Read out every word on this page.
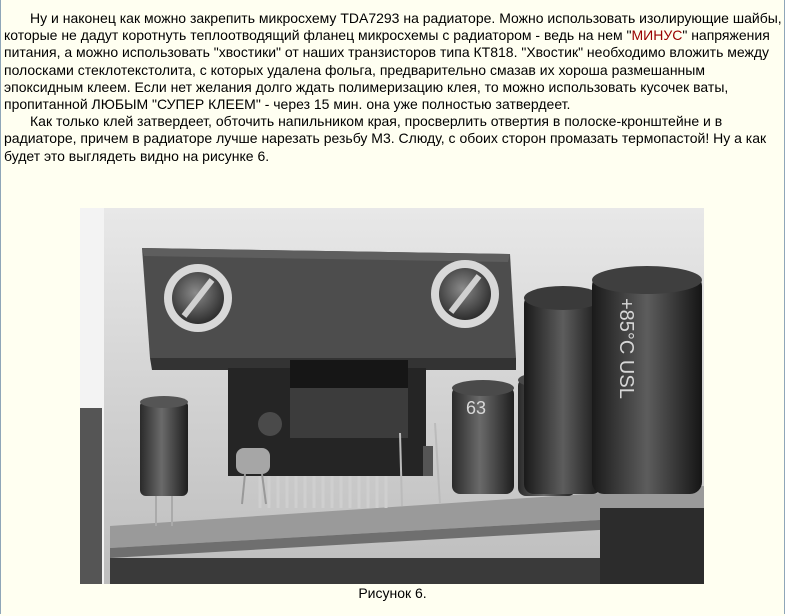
Ну и наконец как можно закрепить микросхему TDA7293 на радиаторе. Можно использовать изолирующие шайбы, которые не дадут коротнуть теплоотводящий фланец микросхемы с радиатором - ведь на нем "МИНУС" напряжения питания, а можно использовать "хвостики" от наших транзисторов типа КТ818. "Хвостик" необходимо вложить между полосками стеклотекстолита, с которых удалена фольга, предварительно смазав их хороша размешанным эпоксидным клеем. Если нет желания долго ждать полимеризацию клея, то можно использовать кусочек ваты, пропитанной ЛЮБЫМ "СУПЕР КЛЕЕМ" - через 15 мин. она уже полностью затвердеет.

Как только клей затвердеет, обточить напильником края, просверлить отвертия в полоске-кронштейне и в радиаторе, причем в радиаторе лучше нарезать резьбу М3. Слюду, с обоих сторон промазать термопастой! Ну а как будет это выглядеть видно на рисунке 6.

63
+85°C USL
Рисунок 6.
